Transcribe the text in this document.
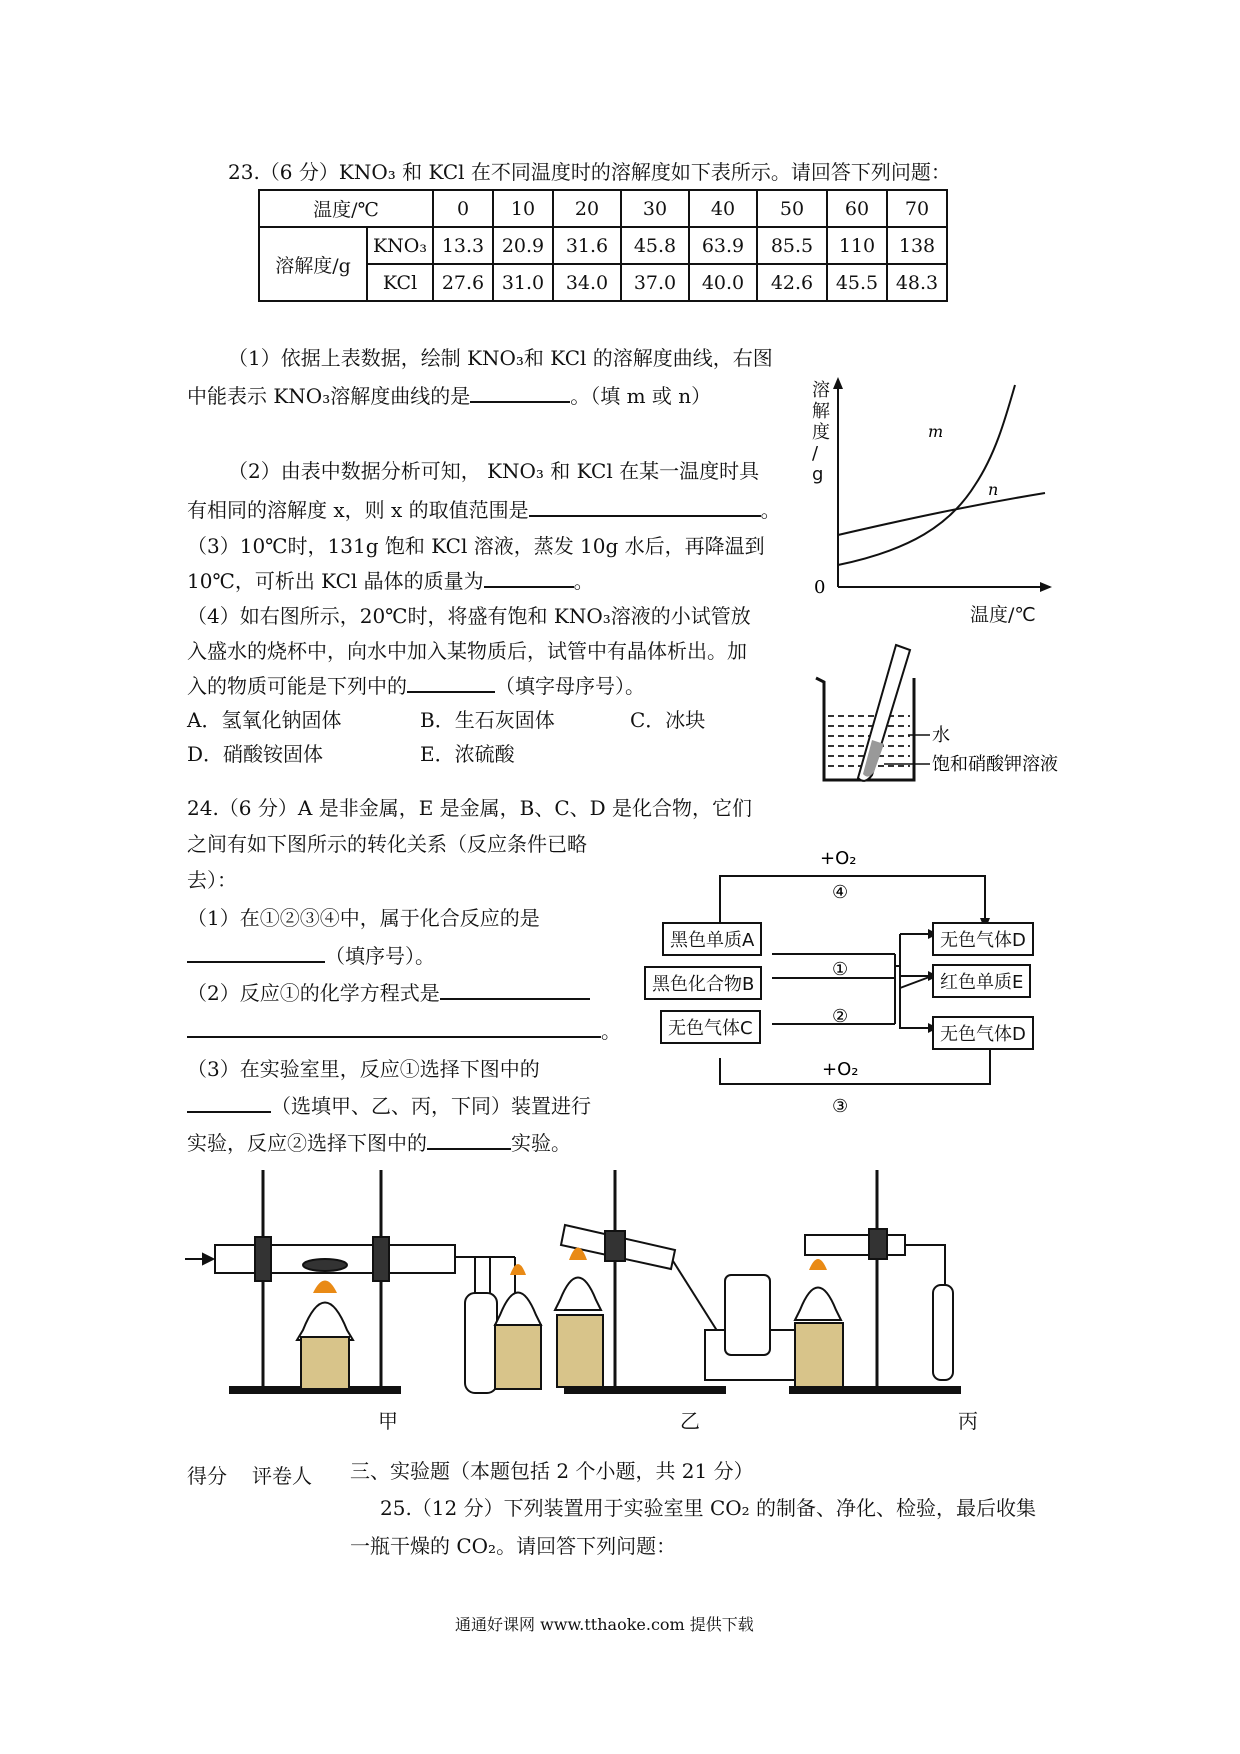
23.（6 分）KNO₃ 和 KCl 在不同温度时的溶解度如下表所示。请回答下列问题：
温度/℃		0	10	20	30	40	50	60	70
溶解度/g	KNO₃	13.3	20.9	31.6	45.8	63.9	85.5	110	138
	KCl	27.6	31.0	34.0	37.0	40.0	42.6	45.5	48.3
（1）依据上表数据，绘制 KNO₃和 KCl 的溶解度曲线，右图
中能表示 KNO₃溶解度曲线的是	。（填 m 或 n）
（2）由表中数据分析可知， KNO₃ 和 KCl 在某一温度时具
有相同的溶解度 x，则 x 的取值范围是	。
（3）10℃时，131g 饱和 KCl 溶液，蒸发 10g 水后，再降温到
10℃，可析出 KCl 晶体的质量为	。
（4）如右图所示，20℃时，将盛有饱和 KNO₃溶液的小试管放
入盛水的烧杯中，向水中加入某物质后，试管中有晶体析出。加
入的物质可能是下列中的	（填字母序号）。
A．氢氧化钠固体	B．生石灰固体	C．冰块
D．硝酸铵固体	E．浓硫酸
m
n
0
溶
解
度
/
g
温度/℃
水
饱和硝酸钾溶液
24.（6 分）A 是非金属，E 是金属，B、C、D 是化合物，它们
之间有如下图所示的转化关系（反应条件已略
去）：
（1）在①②③④中，属于化合反应的是
（填序号）。
（2）反应①的化学方程式是
。
（3）在实验室里，反应①选择下图中的
（选填甲、乙、丙，下同）装置进行
实验，反应②选择下图中的	实验。
+O₂
④
①
②
+O₂
③
黑色单质A
黑色化合物B
无色气体C
无色气体D
红色单质E
无色气体D
甲	乙	丙
得分 评卷人 三、实验题（本题包括 2 个小题，共 21 分）
25.（12 分）下列装置用于实验室里 CO₂ 的制备、净化、检验，最后收集
一瓶干燥的 CO₂。请回答下列问题：
通通好课网 www.tthaoke.com 提供下载
